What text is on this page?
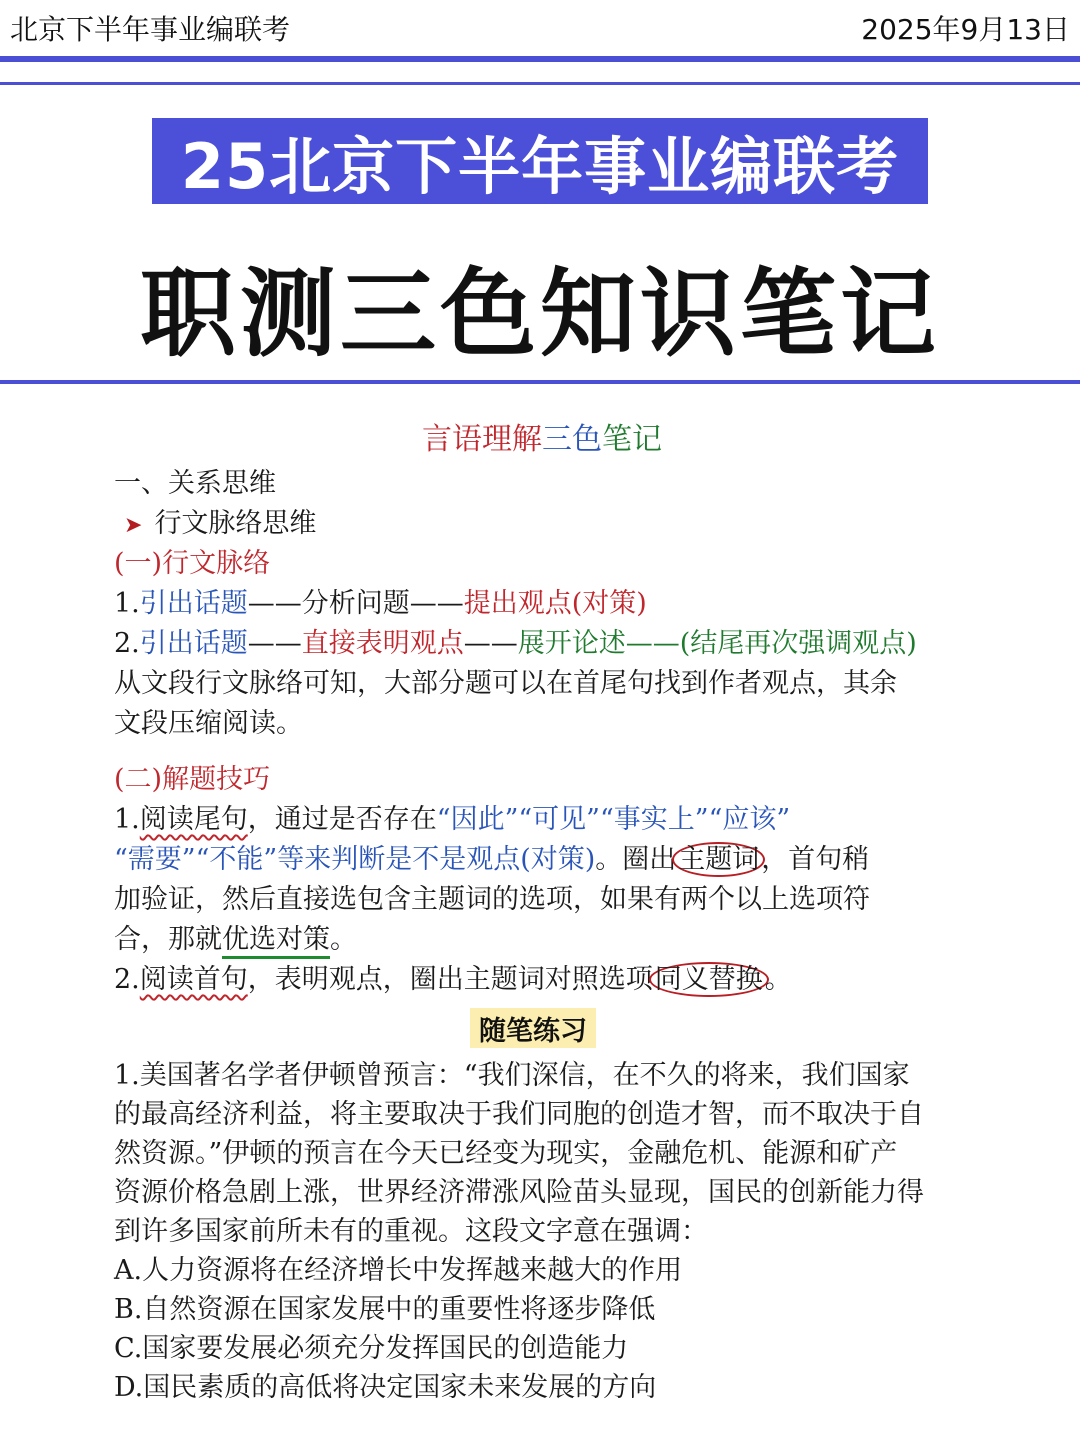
北京下半年事业编联考	2025年9月13日
25北京下半年事业编联考
职测三色知识笔记
言语理解三色笔记
一、关系思维
➤ 行文脉络思维
(一)行文脉络
1.引出话题——分析问题——提出观点(对策)
2.引出话题——直接表明观点——展开论述——(结尾再次强调观点)
从文段行文脉络可知，大部分题可以在首尾句找到作者观点，其余
文段压缩阅读。
(二)解题技巧
1.阅读尾句，通过是否存在“因此”“可见”“事实上”“应该”
“需要”“不能”等来判断是不是观点(对策)。圈出主题词，首句稍
加验证，然后直接选包含主题词的选项，如果有两个以上选项符
合，那就优选对策。
2.阅读首句，表明观点，圈出主题词对照选项同义替换。
随笔练习
1.美国著名学者伊顿曾预言：“我们深信，在不久的将来，我们国家
的最高经济利益，将主要取决于我们同胞的创造才智，而不取决于自
然资源。”伊顿的预言在今天已经变为现实，金融危机、能源和矿产
资源价格急剧上涨，世界经济滞涨风险苗头显现，国民的创新能力得
到许多国家前所未有的重视。这段文字意在强调：
A.人力资源将在经济增长中发挥越来越大的作用
B.自然资源在国家发展中的重要性将逐步降低
C.国家要发展必须充分发挥国民的创造能力
D.国民素质的高低将决定国家未来发展的方向
